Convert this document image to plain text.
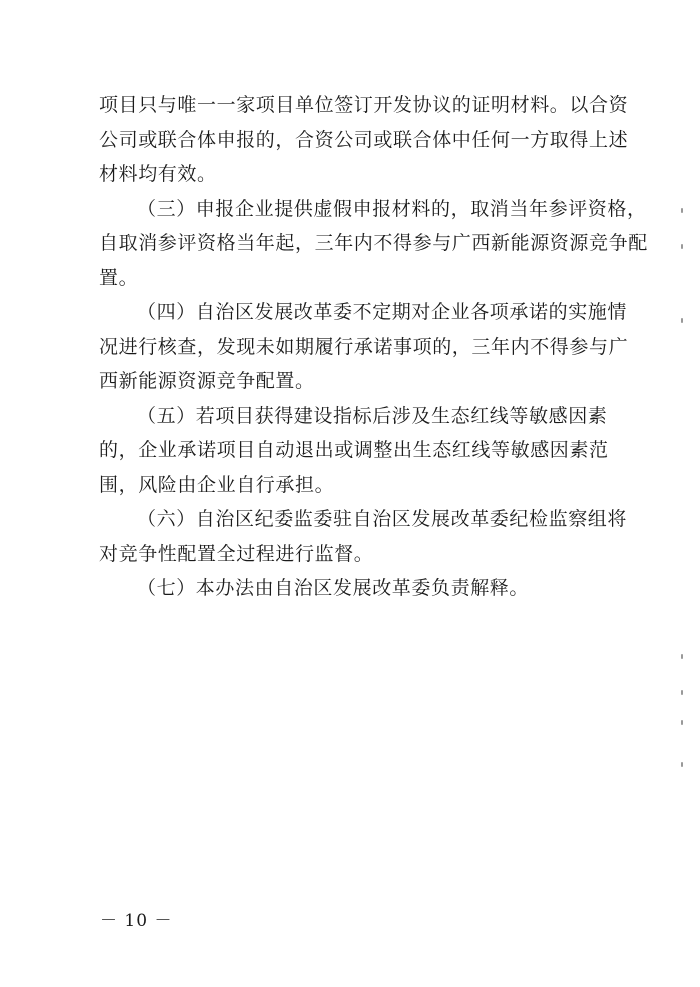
项目只与唯一一家项目单位签订开发协议的证明材料。以合资
公司或联合体申报的，合资公司或联合体中任何一方取得上述
材料均有效。
（三）申报企业提供虚假申报材料的，取消当年参评资格，
自取消参评资格当年起，三年内不得参与广西新能源资源竞争配
置。
（四）自治区发展改革委不定期对企业各项承诺的实施情
况进行核查，发现未如期履行承诺事项的，三年内不得参与广
西新能源资源竞争配置。
（五）若项目获得建设指标后涉及生态红线等敏感因素
的，企业承诺项目自动退出或调整出生态红线等敏感因素范
围，风险由企业自行承担。
（六）自治区纪委监委驻自治区发展改革委纪检监察组将
对竞争性配置全过程进行监督。
（七）本办法由自治区发展改革委负责解释。
－ 10 －
